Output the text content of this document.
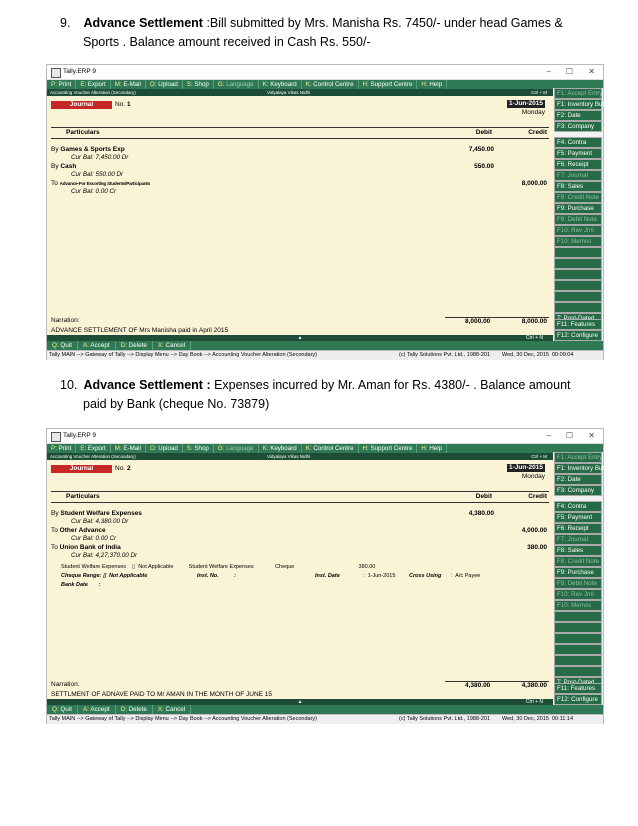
9. Advance Settlement :Bill submitted by Mrs. Manisha Rs. 7450/- under head Games &
Sports . Balance amount received in Cash Rs. 550/-
Tally.ERP 9	– ☐ ✕
P: Print	E: Export	M: E-Mail	O: Upload	S: Shop	G: Language	K: Keyboard	K: Control Centre	H: Support Centre	H: Help
Accounting Voucher Alteration (Secondary)	Vidyalaya Vikas Nidhi	Ctrl + M
Journal	No. 1	1-Jun-2015
Monday
Particulars	Debit	Credit
By Games & Sports Exp	7,450.00
Cur Bal: 7,450.00 Dr
By Cash	550.00
Cur Bal: 550.00 Dr
To Advance-For Escorting Students/Participants	8,000.00
Cur Bal: 0.00 Cr
Narration:	8,000.00	8,000.00
ADVANCE SETTLEMENT OF Mrs Manisha paid in April 2015
▲	Ctrl + N
F1: Accept Entry
F1: Inventory Buttons
F2: Date
F3: Company
F4: Contra
F5: Payment
F6: Receipt
F7: Journal
F8: Sales
F8: Credit Note
F9: Purchase
F9: Debit Note
F10: Rev Jrnl
F10: Memos
F11: Features
F12: Configure
Q: Quit	A: Accept	D: Delete	X: Cancel
Tally MAIN --> Gateway of Tally --> Display Menu --> Day Book --> Accounting Voucher Alteration (Secondary)	(c) Tally Solutions Pvt. Ltd., 1988-201 Wed, 30 Dec, 2015 00:09:04
10. Advance Settlement : Expenses incurred by Mr. Aman for Rs. 4380/- . Balance amount
paid by Bank (cheque No. 73879)
Tally.ERP 9	– ☐ ✕
P: Print	E: Export	M: E-Mail	O: Upload	S: Shop	G: Language	K: Keyboard	K: Control Centre	H: Support Centre	H: Help
Accounting Voucher Alteration (Secondary)	Vidyalaya Vikas Nidhi	Ctrl + M
Journal	No. 2	1-Jun-2015
Monday
Particulars	Debit	Credit
By Student Welfare Expenses	4,380.00
Cur Bal: 4,380.00 Dr
To Other Advance	4,000.00
Cur Bal: 0.00 Cr
To Union Bank of India	380.00
Cur Bal: 4,27,370.00 Dr
Student Welfare Expenses    ▯  Not Applicable          Student Welfare Expenses              Cheque                                          380.00
Cheque Range: ▯  Not Applicable	Inst. No.          :	Inst. Date	:  1-Jun-2015 Cross Using :  A/c Payee
Bank Date       :
Narration:	4,380.00	4,380.00
SETTLMENT OF ADNAVE PAID TO Mr AMAN IN THE MONTH OF JUNE 15
▲	Ctrl + N
F1: Accept Entry
F1: Inventory Buttons
F2: Date
F3: Company
F4: Contra
F5: Payment
F6: Receipt
F7: Journal
F8: Sales
F8: Credit Note
F9: Purchase
F9: Debit Note
F10: Rev Jrnl
F10: Memos
F11: Features
F12: Configure
Q: Quit	A: Accept	D: Delete	X: Cancel
Tally MAIN --> Gateway of Tally --> Display Menu --> Day Book --> Accounting Voucher Alteration (Secondary)	(c) Tally Solutions Pvt. Ltd., 1988-201 Wed, 30 Dec, 2015 00:11:14
